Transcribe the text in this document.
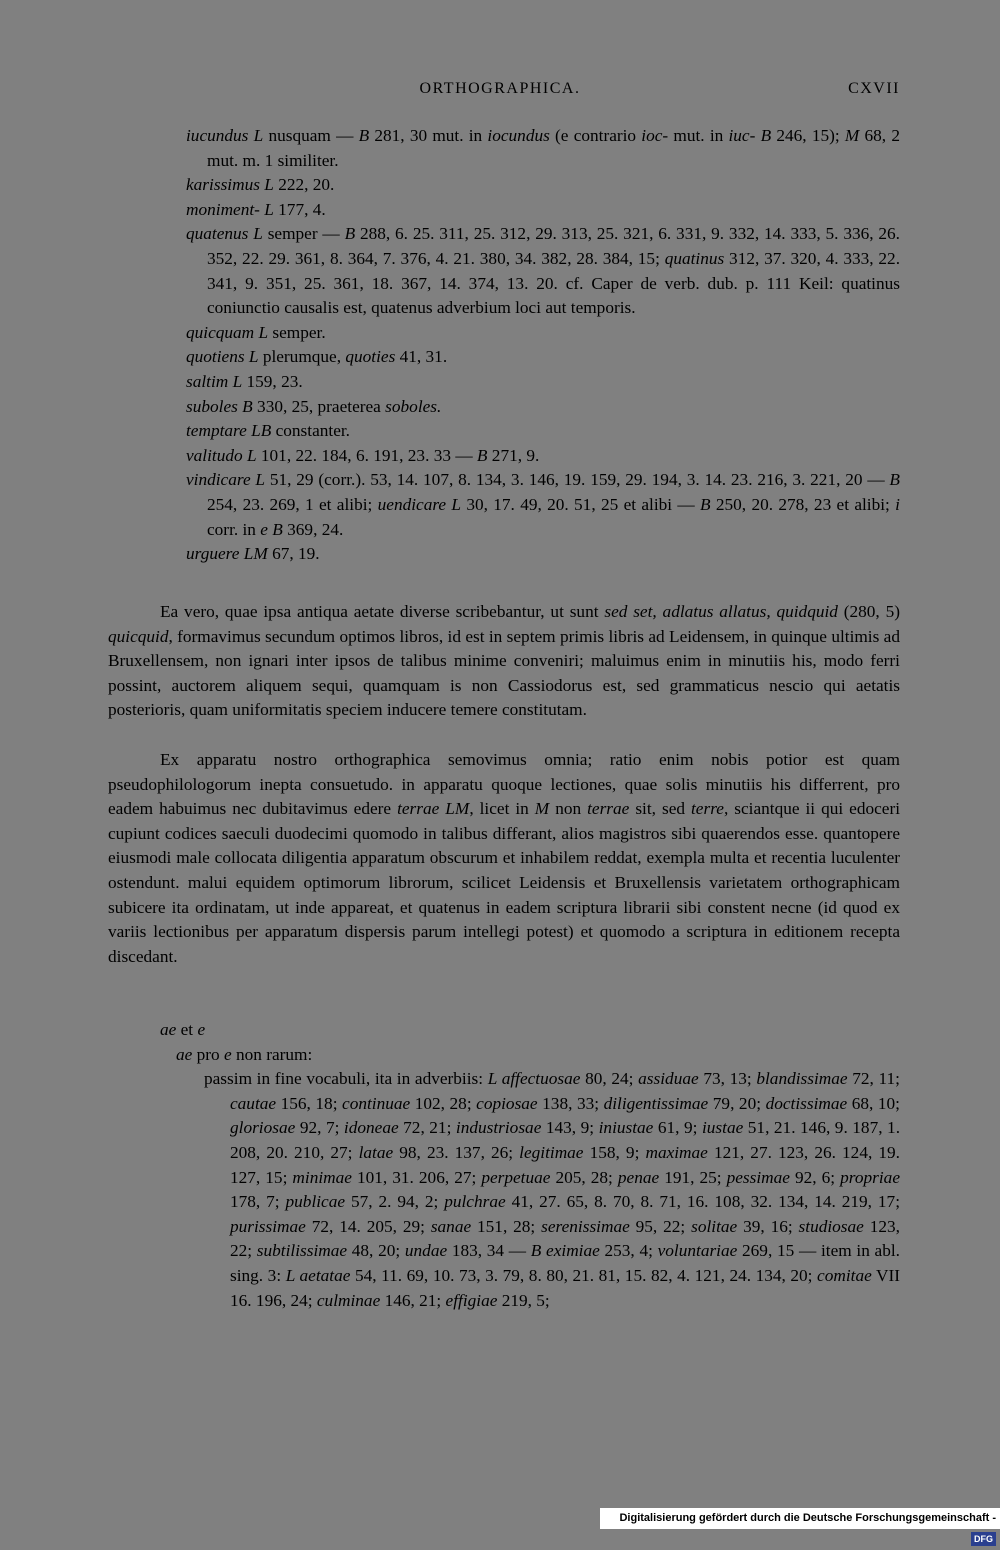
ORTHOGRAPHICA.	CXVII
iucundus L nusquam — B 281, 30 mut. in iocundus (e contrario ioc- mut. in iuc- B 246, 15); M 68, 2 mut. m. 1 similiter.
karissimus L 222, 20.
moniment- L 177, 4.
quatenus L semper — B 288, 6. 25. 311, 25. 312, 29. 313, 25. 321, 6. 331, 9. 332, 14. 333, 5. 336, 26. 352, 22. 29. 361, 8. 364, 7. 376, 4. 21. 380, 34. 382, 28. 384, 15; quatinus 312, 37. 320, 4. 333, 22. 341, 9. 351, 25. 361, 18. 367, 14. 374, 13. 20. cf. Caper de verb. dub. p. 111 Keil: quatinus coniunctio causalis est, quatenus adverbium loci aut temporis.
quicquam L semper.
quotiens L plerumque, quoties 41, 31.
saltim L 159, 23.
suboles B 330, 25, praeterea soboles.
temptare LB constanter.
valitudo L 101, 22. 184, 6. 191, 23. 33 — B 271, 9.
vindicare L 51, 29 (corr.). 53, 14. 107, 8. 134, 3. 146, 19. 159, 29. 194, 3. 14. 23. 216, 3. 221, 20 — B 254, 23. 269, 1 et alibi; uendicare L 30, 17. 49, 20. 51, 25 et alibi — B 250, 20. 278, 23 et alibi; i corr. in e B 369, 24.
urguere LM 67, 19.
Ea vero, quae ipsa antiqua aetate diverse scribebantur, ut sunt sed set, adlatus allatus, quidquid (280, 5) quicquid, formavimus secundum optimos libros, id est in septem primis libris ad Leidensem, in quinque ultimis ad Bruxellensem, non ignari inter ipsos de talibus minime conveniri; maluimus enim in minutiis his, modo ferri possint, auctorem aliquem sequi, quamquam is non Cassiodorus est, sed grammaticus nescio qui aetatis posterioris, quam uniformitatis speciem inducere temere constitutam.
Ex apparatu nostro orthographica semovimus omnia; ratio enim nobis potior est quam pseudophilologorum inepta consuetudo. in apparatu quoque lectiones, quae solis minutiis his differrent, pro eadem habuimus nec dubitavimus edere terrae LM, licet in M non terrae sit, sed terre, sciantque ii qui edoceri cupiunt codices saeculi duodecimi quomodo in talibus differant, alios magistros sibi quaerendos esse. quantopere eiusmodi male collocata diligentia apparatum obscurum et inhabilem reddat, exempla multa et recentia luculenter ostendunt. malui equidem optimorum librorum, scilicet Leidensis et Bruxellensis varietatem orthographicam subicere ita ordinatam, ut inde appareat, et quatenus in eadem scriptura librarii sibi constent necne (id quod ex variis lectionibus per apparatum dispersis parum intellegi potest) et quomodo a scriptura in editionem recepta discedant.
ae et e
ae pro e non rarum:
passim in fine vocabuli, ita in adverbiis: L affectuosae 80, 24; assiduae 73, 13; blandissimae 72, 11; cautae 156, 18; continuae 102, 28; copiosae 138, 33; diligentissimae 79, 20; doctissimae 68, 10; gloriosae 92, 7; idoneae 72, 21; industriosae 143, 9; iniustae 61, 9; iustae 51, 21. 146, 9. 187, 1. 208, 20. 210, 27; latae 98, 23. 137, 26; legitimae 158, 9; maximae 121, 27. 123, 26. 124, 19. 127, 15; minimae 101, 31. 206, 27; perpetuae 205, 28; penae 191, 25; pessimae 92, 6; propriae 178, 7; publicae 57, 2. 94, 2; pulchrae 41, 27. 65, 8. 70, 8. 71, 16. 108, 32. 134, 14. 219, 17; purissimae 72, 14. 205, 29; sanae 151, 28; serenissimae 95, 22; solitae 39, 16; studiosae 123, 22; subtilissimae 48, 20; undae 183, 34 — B eximiae 253, 4; voluntariae 269, 15 — item in abl. sing. 3: L aetatae 54, 11. 69, 10. 73, 3. 79, 8. 80, 21. 81, 15. 82, 4. 121, 24. 134, 20; comitae VII 16. 196, 24; culminae 146, 21; effigiae 219, 5;
Digitalisierung gefördert durch die Deutsche Forschungsgemeinschaft -DFG
